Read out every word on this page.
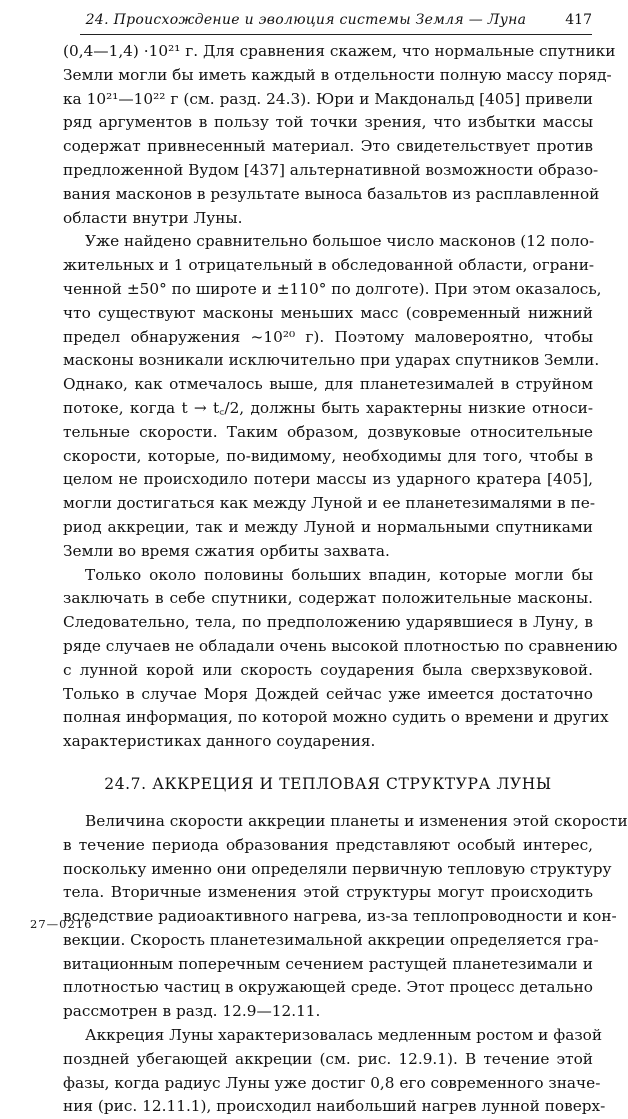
24. Происхождение и эволюция системы Земля — Луна	417
(0,4—1,4) ·10²¹ г. Для сравнения скажем, что нормальные спутники
Земли могли бы иметь каждый в отдельности полную массу поряд-
ка 10²¹—10²² г (см. разд. 24.3). Юри и Макдональд [405] привели
ряд аргументов в пользу той точки зрения, что избытки массы
содержат привнесенный материал. Это свидетельствует против
предложенной Вудом [437] альтернативной возможности образо-
вания масконов в результате выноса базальтов из расплавленной
области внутри Луны.
Уже найдено сравнительно большое число масконов (12 поло-
жительных и 1 отрицательный в обследованной области, ограни-
ченной ±50° по широте и ±110° по долготе). При этом оказалось,
что существуют масконы меньших масс (современный нижний
предел обнаружения ~10²⁰ г). Поэтому маловероятно, чтобы
масконы возникали исключительно при ударах спутников Земли.
Однако, как отмечалось выше, для планетезималей в струйном
потоке, когда t → t꜀/2, должны быть характерны низкие относи-
тельные скорости. Таким образом, дозвуковые относительные
скорости, которые, по-видимому, необходимы для того, чтобы в
целом не происходило потери массы из ударного кратера [405],
могли достигаться как между Луной и ее планетезималями в пе-
риод аккреции, так и между Луной и нормальными спутниками
Земли во время сжатия орбиты захвата.
Только около половины больших впадин, которые могли бы
заключать в себе спутники, содержат положительные масконы.
Следовательно, тела, по предположению ударявшиеся в Луну, в
ряде случаев не обладали очень высокой плотностью по сравнению
с лунной корой или скорость соударения была сверхзвуковой.
Только в случае Моря Дождей сейчас уже имеется достаточно
полная информация, по которой можно судить о времени и других
характеристиках данного соударения.
24.7. АККРЕЦИЯ И ТЕПЛОВАЯ СТРУКТУРА ЛУНЫ
Величина скорости аккреции планеты и изменения этой скорости
в течение периода образования представляют особый интерес,
поскольку именно они определяли первичную тепловую структуру
тела. Вторичные изменения этой структуры могут происходить
вследствие радиоактивного нагрева, из-за теплопроводности и кон-
векции. Скорость планетезимальной аккреции определяется гра-
витационным поперечным сечением растущей планетезимали и
плотностью частиц в окружающей среде. Этот процесс детально
рассмотрен в разд. 12.9—12.11.
Аккреция Луны характеризовалась медленным ростом и фазой
поздней убегающей аккреции (см. рис. 12.9.1). В течение этой
фазы, когда радиус Луны уже достиг 0,8 его современного значе-
ния (рис. 12.11.1), происходил наибольший нагрев лунной поверх-
27—0216
